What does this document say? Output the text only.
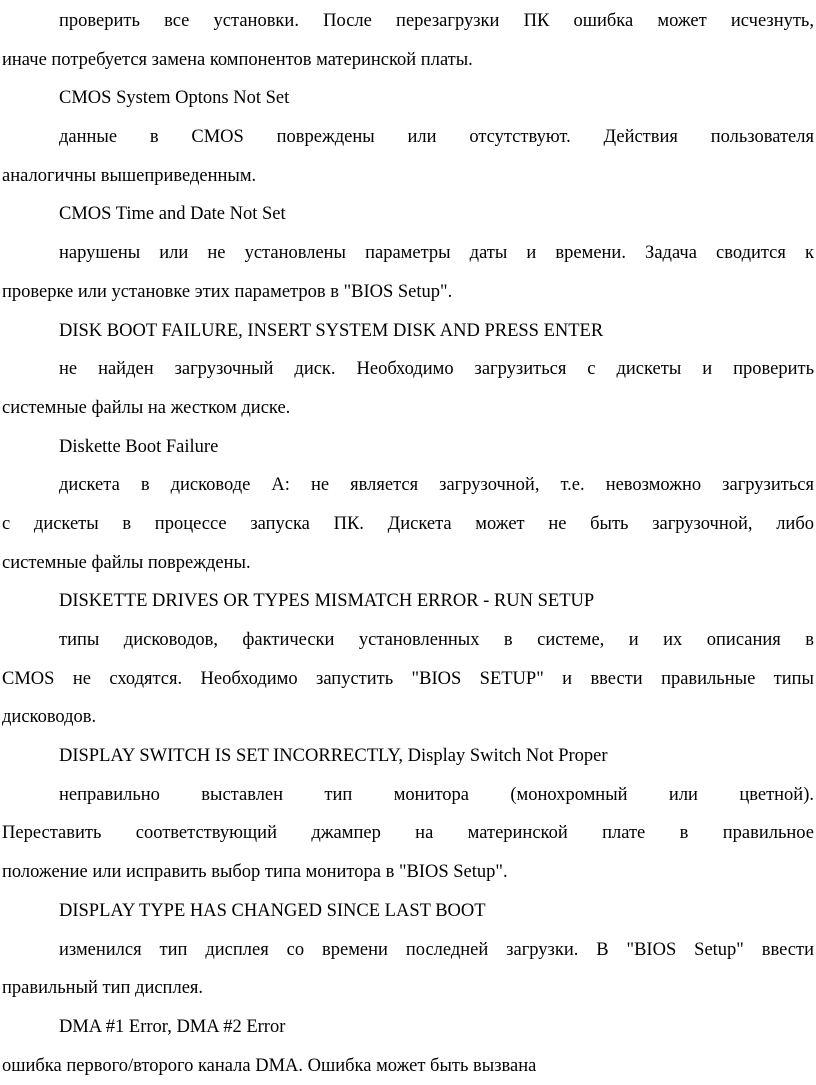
проверить все установки. После перезагрузки ПК ошибка может исчезнуть,
иначе потребуется замена компонентов материнской платы.
CMOS System Optons Not Set
данные в CMOS повреждены или отсутствуют. Действия пользователя
аналогичны вышеприведенным.
CMOS Time and Date Not Set
нарушены или не установлены параметры даты и времени. Задача сводится к
проверке или установке этих параметров в "BIOS Setup".
DISK BOOT FAILURE, INSERT SYSTEM DISK AND PRESS ENTER
не найден загрузочный диск. Необходимо загрузиться с дискеты и проверить
системные файлы на жестком диске.
Diskette Boot Failure
дискета в дисководе А: не является загрузочной, т.е. невозможно загрузиться
с дискеты в процессе запуска ПК. Дискета может не быть загрузочной, либо
системные файлы повреждены.
DISKETTE DRIVES OR TYPES MISMATCH ERROR - RUN SETUP
типы дисководов, фактически установленных в системе, и их описания в
CMOS не сходятся. Необходимо запустить "BIOS SETUP" и ввести правильные типы
дисководов.
DISPLAY SWITCH IS SET INCORRECTLY, Display Switch Not Proper
неправильно выставлен тип монитора (монохромный или цветной).
Переставить соответствующий джампер на материнской плате в правильное
положение или исправить выбор типа монитора в "BIOS Setup".
DISPLAY TYPE HAS CHANGED SINCE LAST BOOT
изменился тип дисплея со времени последней загрузки. В "BIOS Setup" ввести
правильный тип дисплея.
DMA #1 Error, DMA #2 Error
ошибка первого/второго канала DMA. Ошибка может быть вызвана
